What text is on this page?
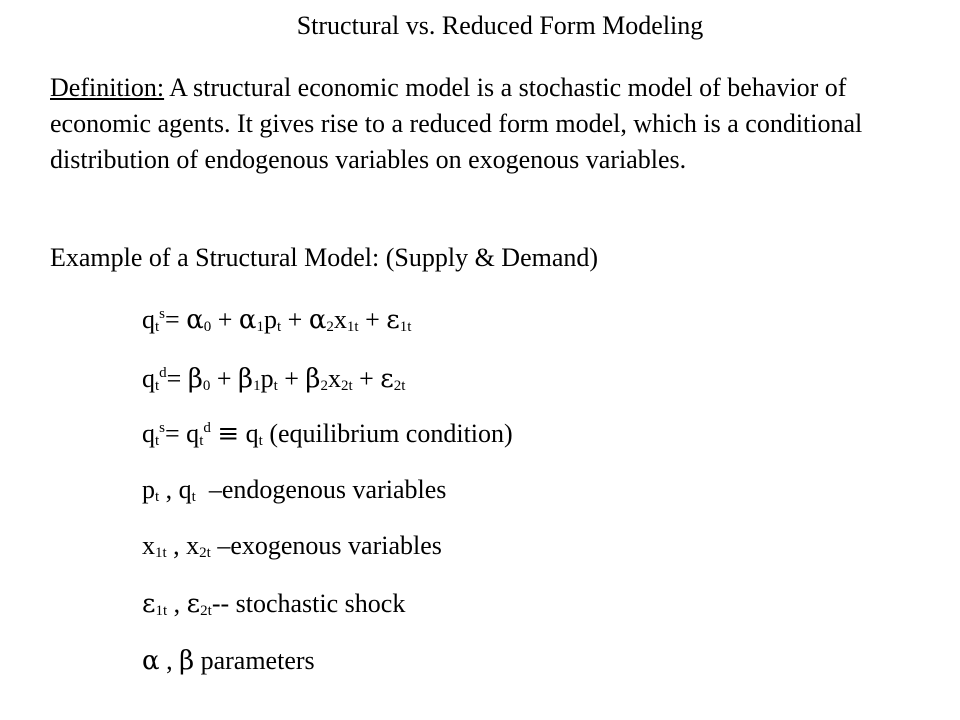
Structural vs. Reduced Form Modeling
Definition: A structural economic model is a stochastic model of behavior of economic agents. It gives rise to a reduced form model, which is a conditional distribution of endogenous variables on exogenous variables.
Example of a Structural Model: (Supply & Demand)
$q_t^s= \alpha_0 + \alpha_1p_t + \alpha_2x_{1t} + \varepsilon_{1t}$
$q_t^d= \beta_0 + \beta_1p_t + \beta_2x_{2t} + \varepsilon_{2t}$
$q_t^s= q_t^d \equiv q_t$ (equilibrium condition)
$p_t$ , $q_t$ –endogenous variables
$x_{1t}$ , $x_{2t}$ –exogenous variables
$\varepsilon_{1t}$ , $\varepsilon_{2t}--$ stochastic shock
α , β parameters
